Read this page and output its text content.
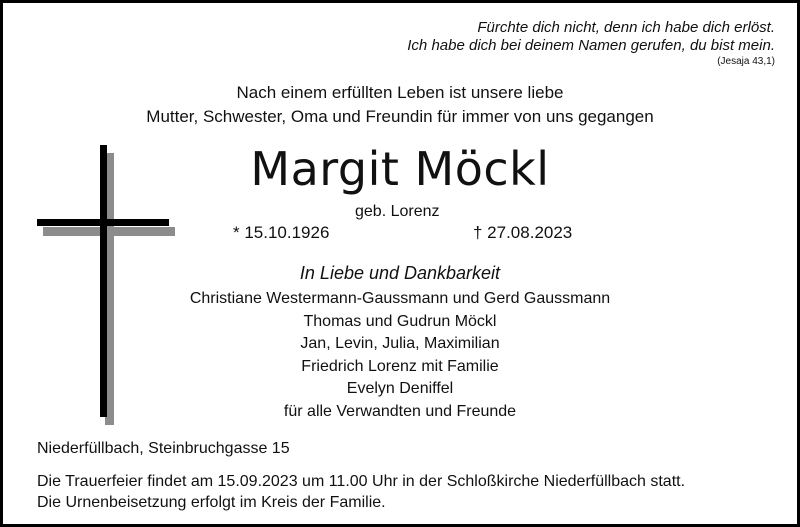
Fürchte dich nicht, denn ich habe dich erlöst.
Ich habe dich bei deinem Namen gerufen, du bist mein.
(Jesaja 43,1)
Nach einem erfüllten Leben ist unsere liebe
Mutter, Schwester, Oma und Freundin für immer von uns gegangen
Margit Möckl
geb. Lorenz
* 15.10.1926	† 27.08.2023
In Liebe und Dankbarkeit
Christiane Westermann-Gaussmann und Gerd Gaussmann
Thomas und Gudrun Möckl
Jan, Levin, Julia, Maximilian
Friedrich Lorenz mit Familie
Evelyn Deniffel
für alle Verwandten und Freunde
Niederfüllbach, Steinbruchgasse 15
Die Trauerfeier findet am 15.09.2023 um 11.00 Uhr in der Schloßkirche Niederfüllbach statt.
Die Urnenbeisetzung erfolgt im Kreis der Familie.
